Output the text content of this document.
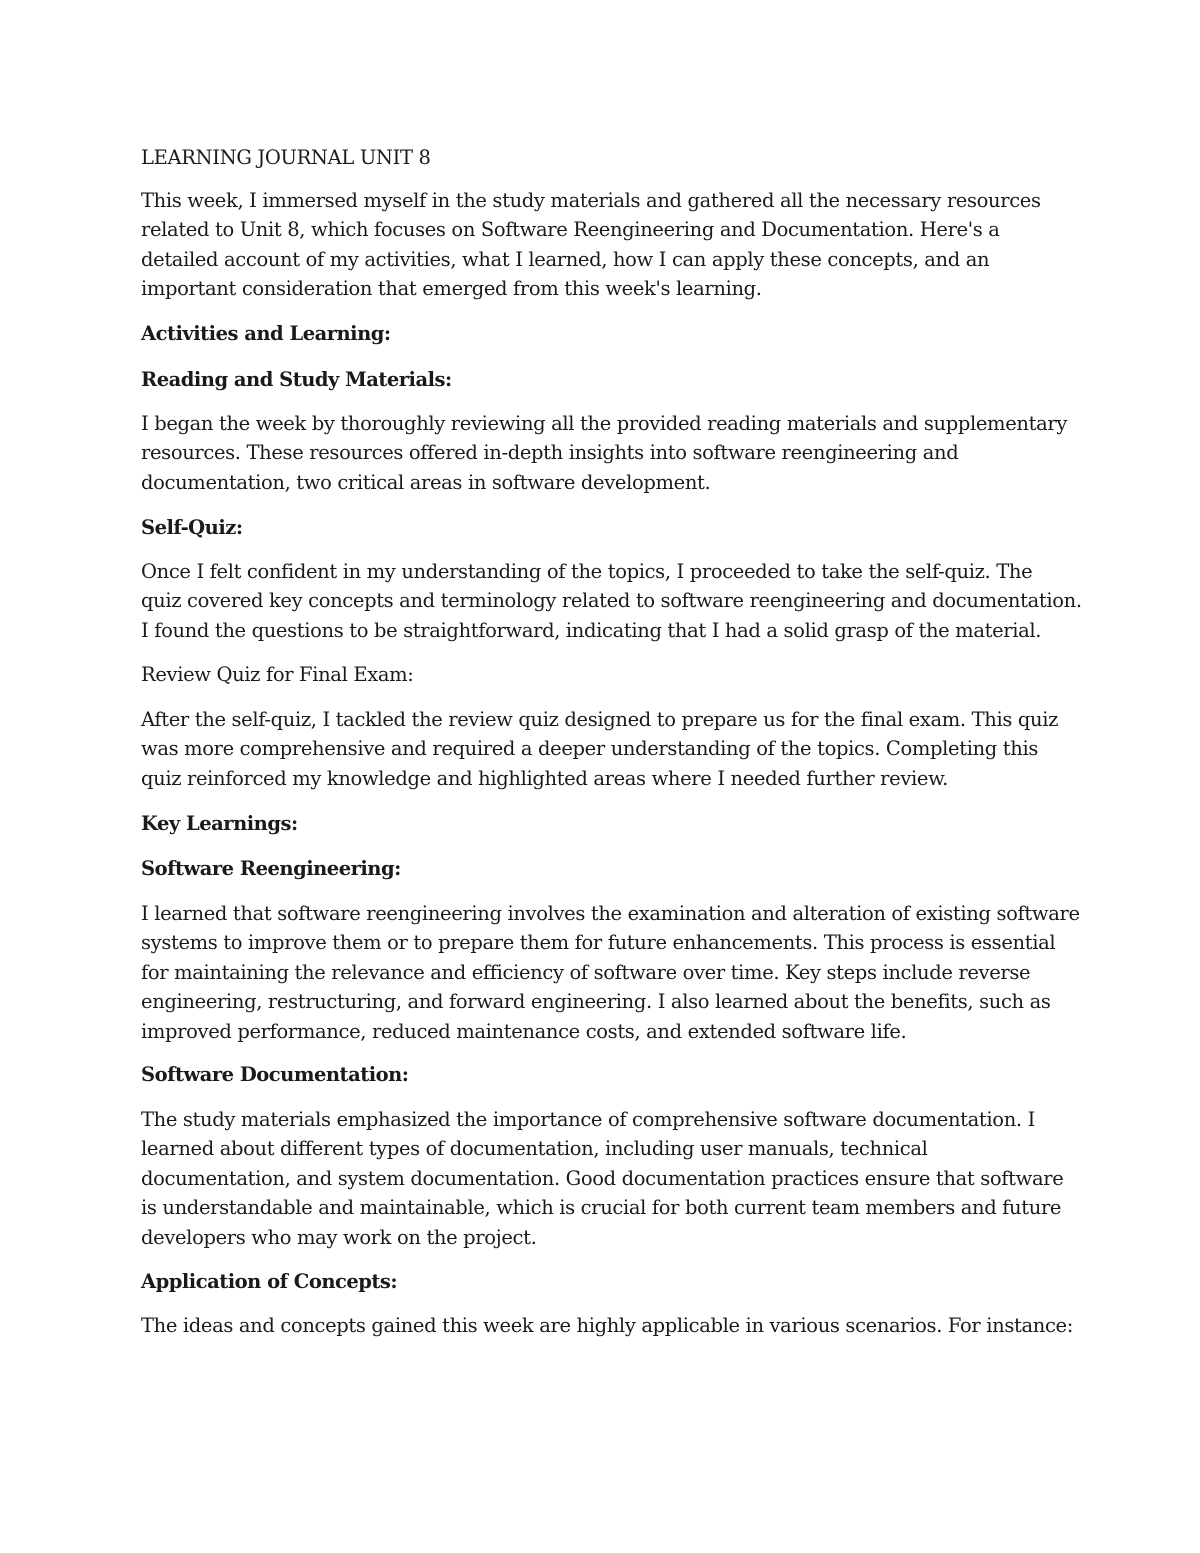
LEARNING JOURNAL UNIT 8

This week, I immersed myself in the study materials and gathered all the necessary resources
related to Unit 8, which focuses on Software Reengineering and Documentation. Here's a
detailed account of my activities, what I learned, how I can apply these concepts, and an
important consideration that emerged from this week's learning.

Activities and Learning:

Reading and Study Materials:

I began the week by thoroughly reviewing all the provided reading materials and supplementary
resources. These resources offered in-depth insights into software reengineering and
documentation, two critical areas in software development.

Self-Quiz:

Once I felt confident in my understanding of the topics, I proceeded to take the self-quiz. The
quiz covered key concepts and terminology related to software reengineering and documentation.
I found the questions to be straightforward, indicating that I had a solid grasp of the material.

Review Quiz for Final Exam:

After the self-quiz, I tackled the review quiz designed to prepare us for the final exam. This quiz
was more comprehensive and required a deeper understanding of the topics. Completing this
quiz reinforced my knowledge and highlighted areas where I needed further review.

Key Learnings:

Software Reengineering:

I learned that software reengineering involves the examination and alteration of existing software
systems to improve them or to prepare them for future enhancements. This process is essential
for maintaining the relevance and efficiency of software over time. Key steps include reverse
engineering, restructuring, and forward engineering. I also learned about the benefits, such as
improved performance, reduced maintenance costs, and extended software life.

Software Documentation:

The study materials emphasized the importance of comprehensive software documentation. I
learned about different types of documentation, including user manuals, technical
documentation, and system documentation. Good documentation practices ensure that software
is understandable and maintainable, which is crucial for both current team members and future
developers who may work on the project.

Application of Concepts:

The ideas and concepts gained this week are highly applicable in various scenarios. For instance:
